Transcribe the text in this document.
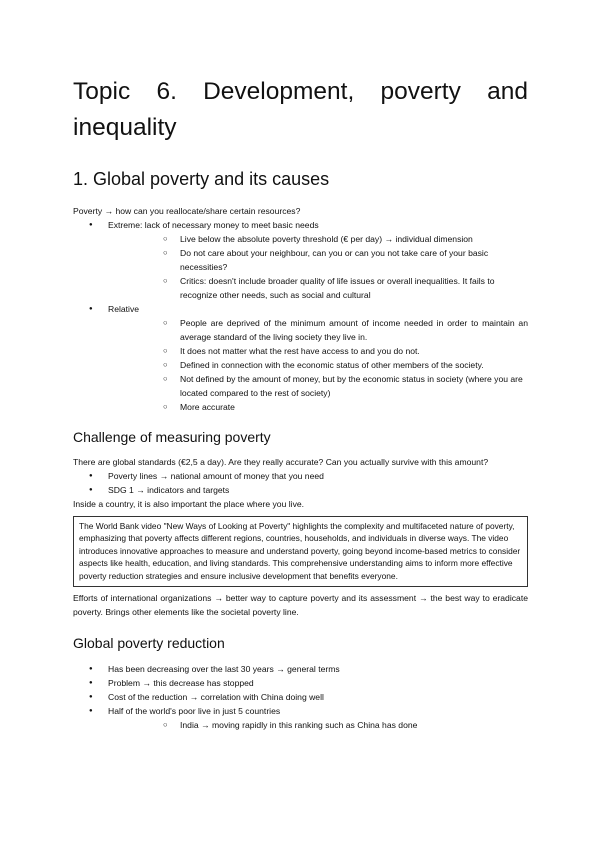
Topic 6. Development, poverty and inequality
1. Global poverty and its causes

Poverty → how can you reallocate/share certain resources?

● Extreme: lack of necessary money to meet basic needs
○ Live below the absolute poverty threshold (€ per day) → individual dimension
○ Do not care about your neighbour, can you or can you not take care of your basic necessities?
○ Critics: doesn't include broader quality of life issues or overall inequalities. It fails to recognize other needs, such as social and cultural
● Relative
○ People are deprived of the minimum amount of income needed in order to maintain an average standard of the living society they live in.
○ It does not matter what the rest have access to and you do not.
○ Defined in connection with the economic status of other members of the society.
○ Not defined by the amount of money, but by the economic status in society (where you are located compared to the rest of society)
○ More accurate
Challenge of measuring poverty

There are global standards (€2,5 a day). Are they really accurate? Can you actually survive with this amount?

● Poverty lines → national amount of money that you need
● SDG 1 → indicators and targets

Inside a country, it is also important the place where you live.

The World Bank video "New Ways of Looking at Poverty" highlights the complexity and multifaceted nature of poverty, emphasizing that poverty affects different regions, countries, households, and individuals in diverse ways. The video introduces innovative approaches to measure and understand poverty, going beyond income-based metrics to consider aspects like health, education, and living standards. This comprehensive understanding aims to inform more effective poverty reduction strategies and ensure inclusive development that benefits everyone.

Efforts of international organizations → better way to capture poverty and its assessment → the best way to eradicate poverty. Brings other elements like the societal poverty line.

Global poverty reduction
● Has been decreasing over the last 30 years → general terms
● Problem → this decrease has stopped
● Cost of the reduction → correlation with China doing well
● Half of the world's poor live in just 5 countries
○ India → moving rapidly in this ranking such as China has done
